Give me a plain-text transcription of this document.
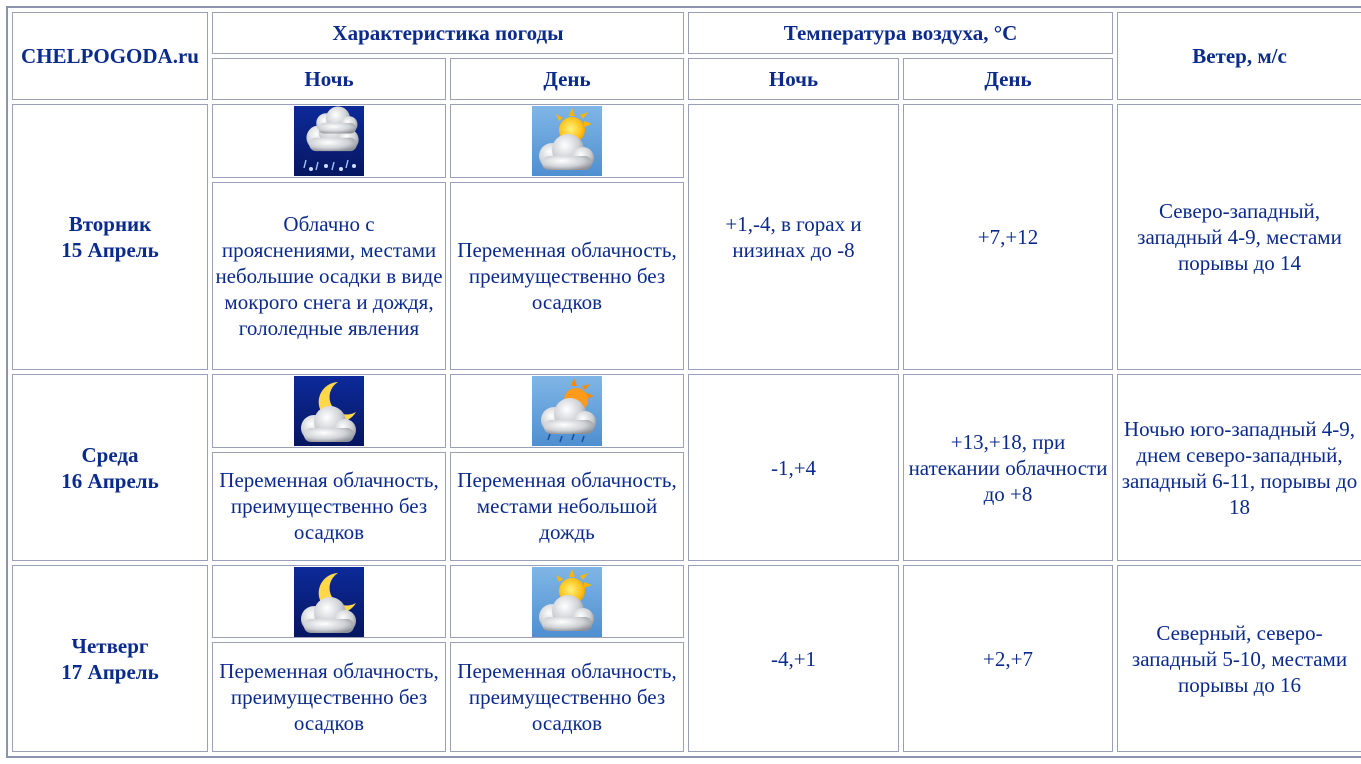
CHELPOGODA.ru	Характеристика погоды		Температура воздуха, °С		Ветер, м/с
	Ночь	День	Ночь	День	

Вторник
15 Апрель			+1,-4, в горах и низинах до -8	+7,+12	Северо-западный, западный 4-9, местами порывы до 14
	Облачно с прояснениями, местами небольшие осадки в виде мокрого снега и дождя, гололедные явления	Переменная облачность, преимущественно без осадков			

Среда
16 Апрель			-1,+4	+13,+18, при натекании облачности до +8	Ночью юго-западный 4-9, днем северо-западный, западный 6-11, порывы до 18
	Переменная облачность, преимущественно без осадков	Переменная облачность, местами небольшой дождь			

Четверг
17 Апрель			-4,+1	+2,+7	Северный, северо-западный 5-10, местами порывы до 16
	Переменная облачность, преимущественно без осадков	Переменная облачность, преимущественно без осадков			
